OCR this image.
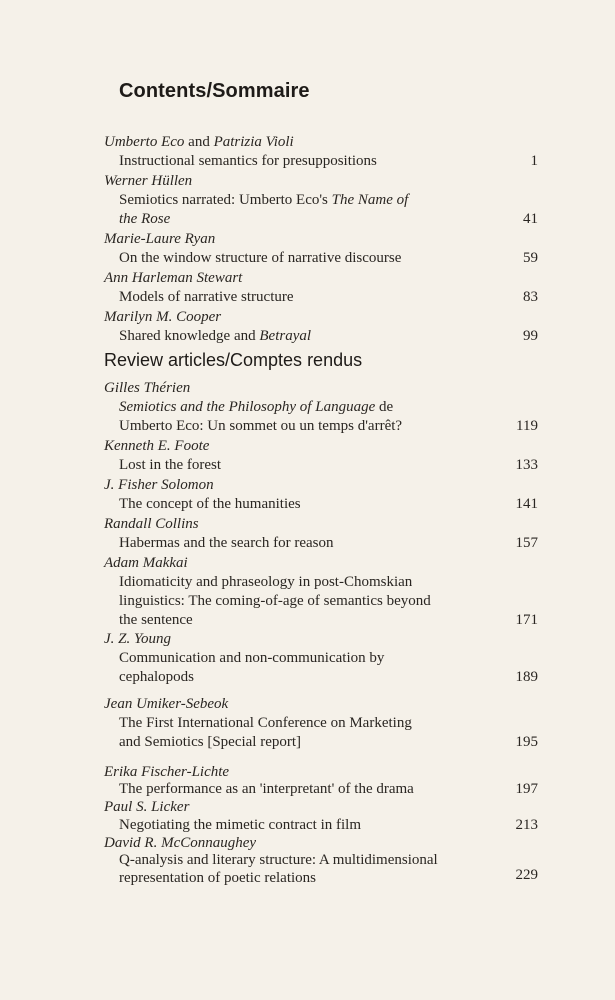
Contents/Sommaire
Umberto Eco and Patrizia Violi
Instructional semantics for presuppositions	1
Werner Hüllen
Semiotics narrated: Umberto Eco's The Name of
the Rose	41
Marie-Laure Ryan
On the window structure of narrative discourse	59
Ann Harleman Stewart
Models of narrative structure	83
Marilyn M. Cooper
Shared knowledge and Betrayal	99
Review articles/Comptes rendus
Gilles Thérien
Semiotics and the Philosophy of Language de
Umberto Eco: Un sommet ou un temps d'arrêt?	119
Kenneth E. Foote
Lost in the forest	133
J. Fisher Solomon
The concept of the humanities	141
Randall Collins
Habermas and the search for reason	157
Adam Makkai
Idiomaticity and phraseology in post-Chomskian
linguistics: The coming-of-age of semantics beyond
the sentence	171
J. Z. Young
Communication and non-communication by
cephalopods	189
Jean Umiker-Sebeok
The First International Conference on Marketing
and Semiotics [Special report]	195
Erika Fischer-Lichte
The performance as an 'interpretant' of the drama	197
Paul S. Licker
Negotiating the mimetic contract in film	213
David R. McConnaughey
Q-analysis and literary structure: A multidimensional
representation of poetic relations	229
